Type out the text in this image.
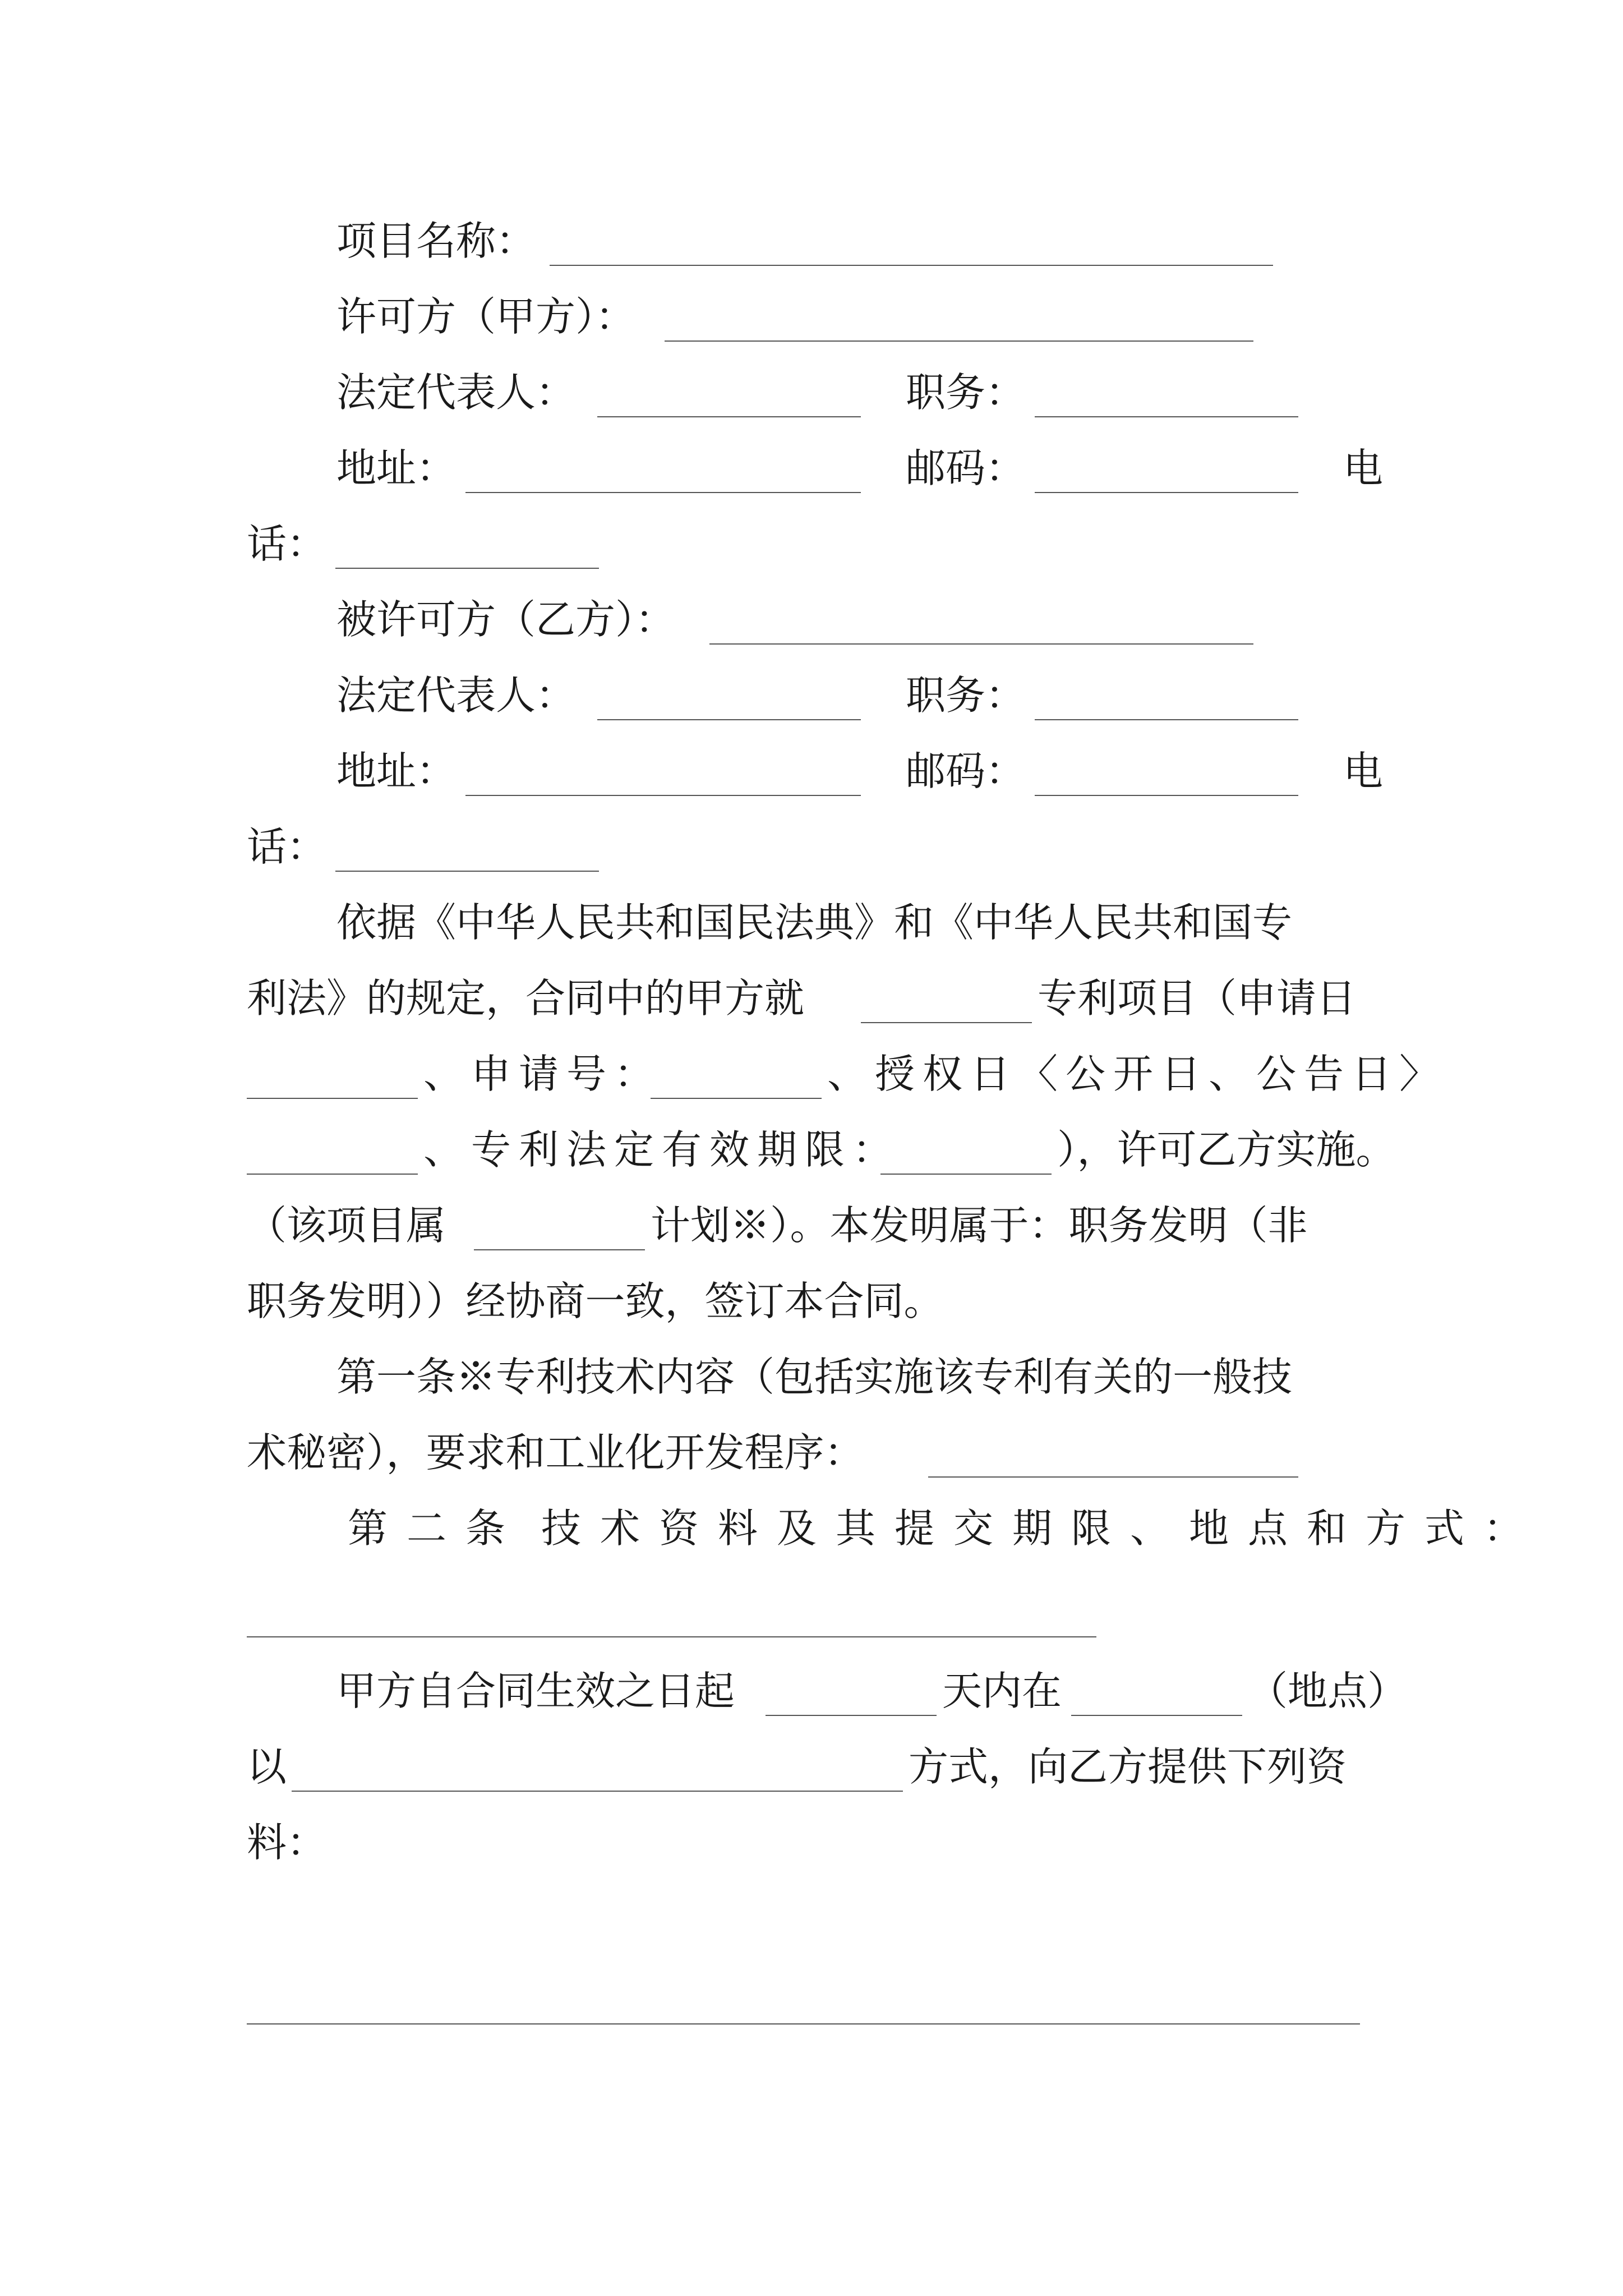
项目名称：
许可方（甲方）：
法定代表人：	职务：
地址：	邮码：	电
话：
被许可方（乙方）：
法定代表人：	职务：
地址：	邮码：	电
话：
依据《中华人民共和国民法典》和《中华人民共和国专
利法》的规定，合同中的甲方就	专利项目（申请日
、申请号：	、授权日〈公开日、公告日〉
、专利法定有效期限：	），许可乙方实施。
（该项目属	计划※）。本发明属于：职务发明（非
职务发明））经协商一致，签订本合同。
第一条※专利技术内容（包括实施该专利有关的一般技
术秘密），要求和工业化开发程序：
第二条 技术资料及其提交期限、地点和方式：
甲方自合同生效之日起	天内在	（地点）
以	方式，向乙方提供下列资
料：
